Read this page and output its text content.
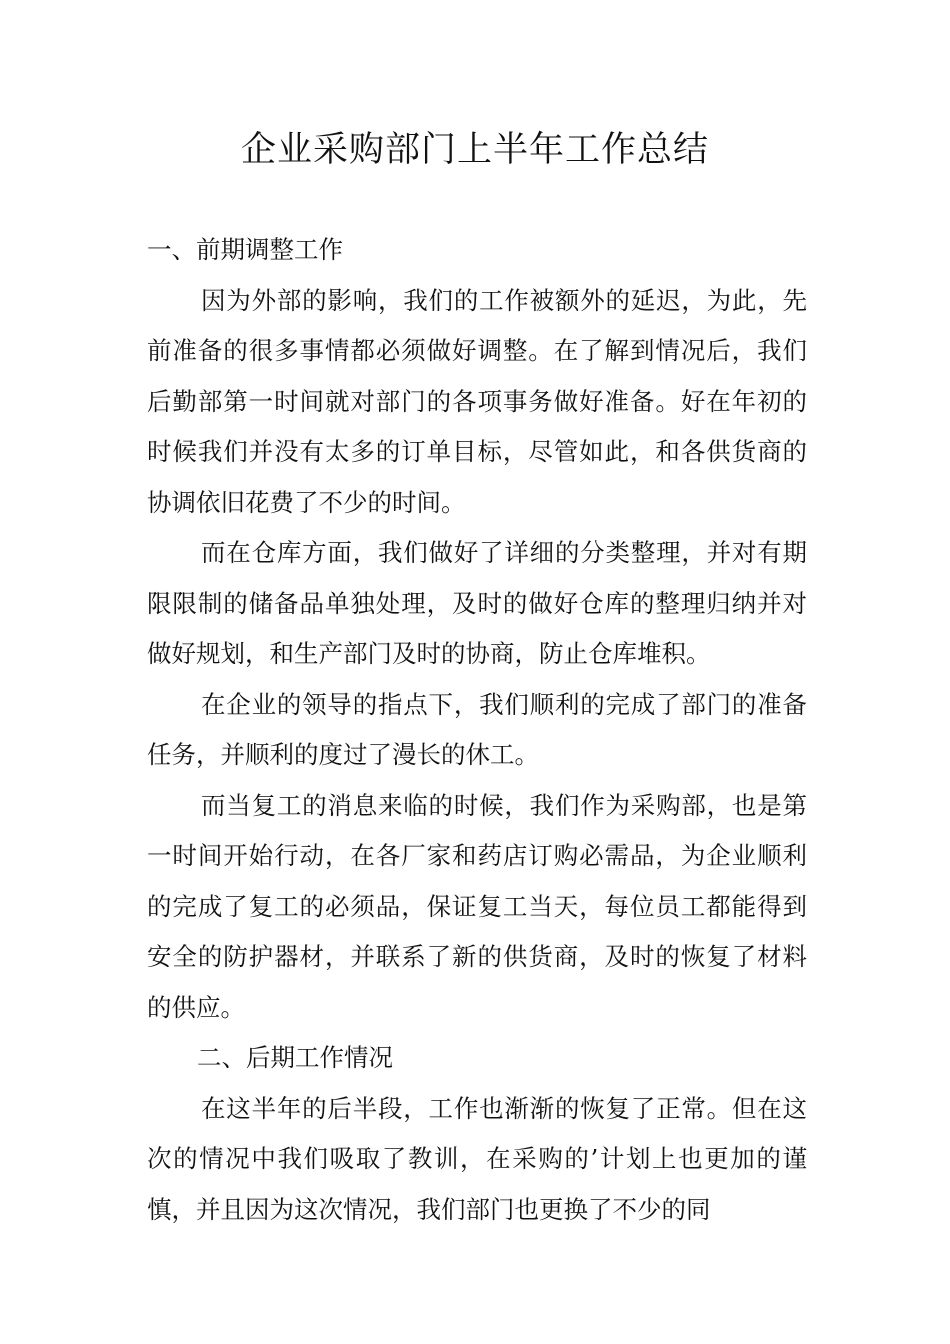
企业采购部门上半年工作总结

一、前期调整工作

因为外部的影响，我们的工作被额外的延迟，为此，先前准备的很多事情都必须做好调整。在了解到情况后，我们后勤部第一时间就对部门的各项事务做好准备。好在年初的时候我们并没有太多的订单目标，尽管如此，和各供货商的协调依旧花费了不少的时间。

而在仓库方面，我们做好了详细的分类整理，并对有期限限制的储备品单独处理，及时的做好仓库的整理归纳并对做好规划，和生产部门及时的协商，防止仓库堆积。

在企业的领导的指点下，我们顺利的完成了部门的准备任务，并顺利的度过了漫长的休工。

而当复工的消息来临的时候，我们作为采购部，也是第一时间开始行动，在各厂家和药店订购必需品，为企业顺利的完成了复工的必须品，保证复工当天，每位员工都能得到安全的防护器材，并联系了新的供货商，及时的恢复了材料的供应。

二、后期工作情况

在这半年的后半段，工作也渐渐的恢复了正常。但在这次的情况中我们吸取了教训，在采购的’计划上也更加的谨慎，并且因为这次情况，我们部门也更换了不少的同
